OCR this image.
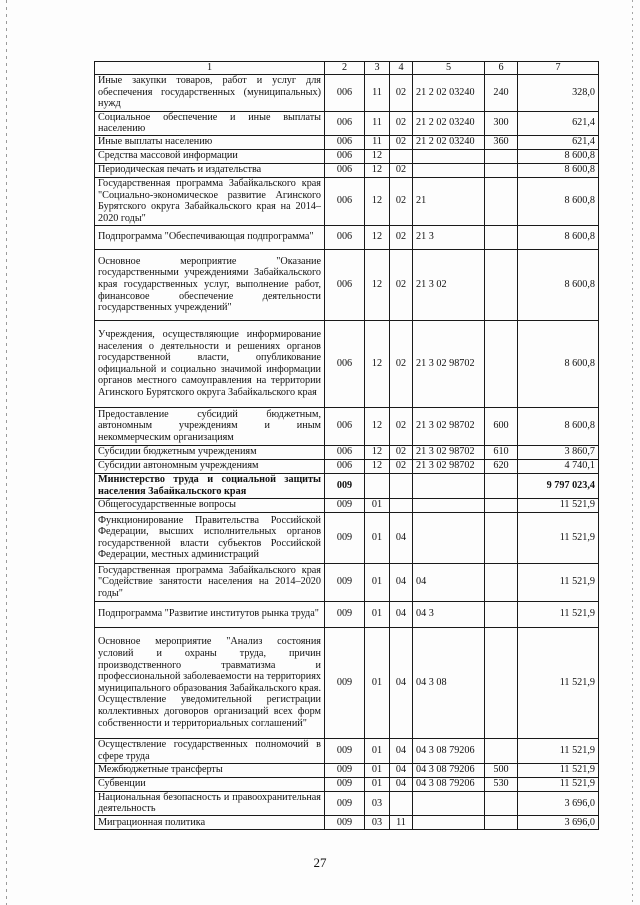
1	2	3	4	5	6	7
Иные закупки товаров, работ и услуг для обеспечения государственных (муниципальных) нужд	006	11	02	21 2 02 03240	240	328,0
Социальное обеспечение и иные выплаты населению	006	11	02	21 2 02 03240	300	621,4
Иные выплаты населению	006	11	02	21 2 02 03240	360	621,4
Средства массовой информации	006	12				8 600,8
Периодическая печать и издательства	006	12	02			8 600,8
Государственная программа Забайкальского края "Социально-экономическое развитие Агинского Бурятского округа Забайкальского края на 2014–2020 годы"	006	12	02	21		8 600,8
Подпрограмма "Обеспечивающая подпрограмма"	006	12	02	21 3		8 600,8
Основное мероприятие "Оказание государственными учреждениями Забайкальского края государственных услуг, выполнение работ, финансовое обеспечение деятельности государственных учреждений"	006	12	02	21 3 02		8 600,8
Учреждения, осуществляющие информирование населения о деятельности и решениях органов государственной власти, опубликование официальной и социально значимой информации органов местного самоуправления на территории Агинского Бурятского округа Забайкальского края	006	12	02	21 3 02 98702		8 600,8
Предоставление субсидий бюджетным, автономным учреждениям и иным некоммерческим организациям	006	12	02	21 3 02 98702	600	8 600,8
Субсидии бюджетным учреждениям	006	12	02	21 3 02 98702	610	3 860,7
Субсидии автономным учреждениям	006	12	02	21 3 02 98702	620	4 740,1
Министерство труда и социальной защиты населения Забайкальского края	009					9 797 023,4
Общегосударственные вопросы	009	01				11 521,9
Функционирование Правительства Российской Федерации, высших исполнительных органов государственной власти субъектов Российской Федерации, местных администраций	009	01	04			11 521,9
Государственная программа Забайкальского края "Содействие занятости населения на 2014–2020 годы"	009	01	04	04		11 521,9
Подпрограмма "Развитие институтов рынка труда"	009	01	04	04 3		11 521,9
Основное мероприятие "Анализ состояния условий и охраны труда, причин производственного травматизма и профессиональной заболеваемости на территориях муниципального образования Забайкальского края. Осуществление уведомительной регистрации коллективных договоров организаций всех форм собственности и территориальных соглашений"	009	01	04	04 3 08		11 521,9
Осуществление государственных полномочий в сфере труда	009	01	04	04 3 08 79206		11 521,9
Межбюджетные трансферты	009	01	04	04 3 08 79206	500	11 521,9
Субвенции	009	01	04	04 3 08 79206	530	11 521,9
Национальная безопасность и правоохранительная деятельность	009	03				3 696,0
Миграционная политика	009	03	11			3 696,0
27
